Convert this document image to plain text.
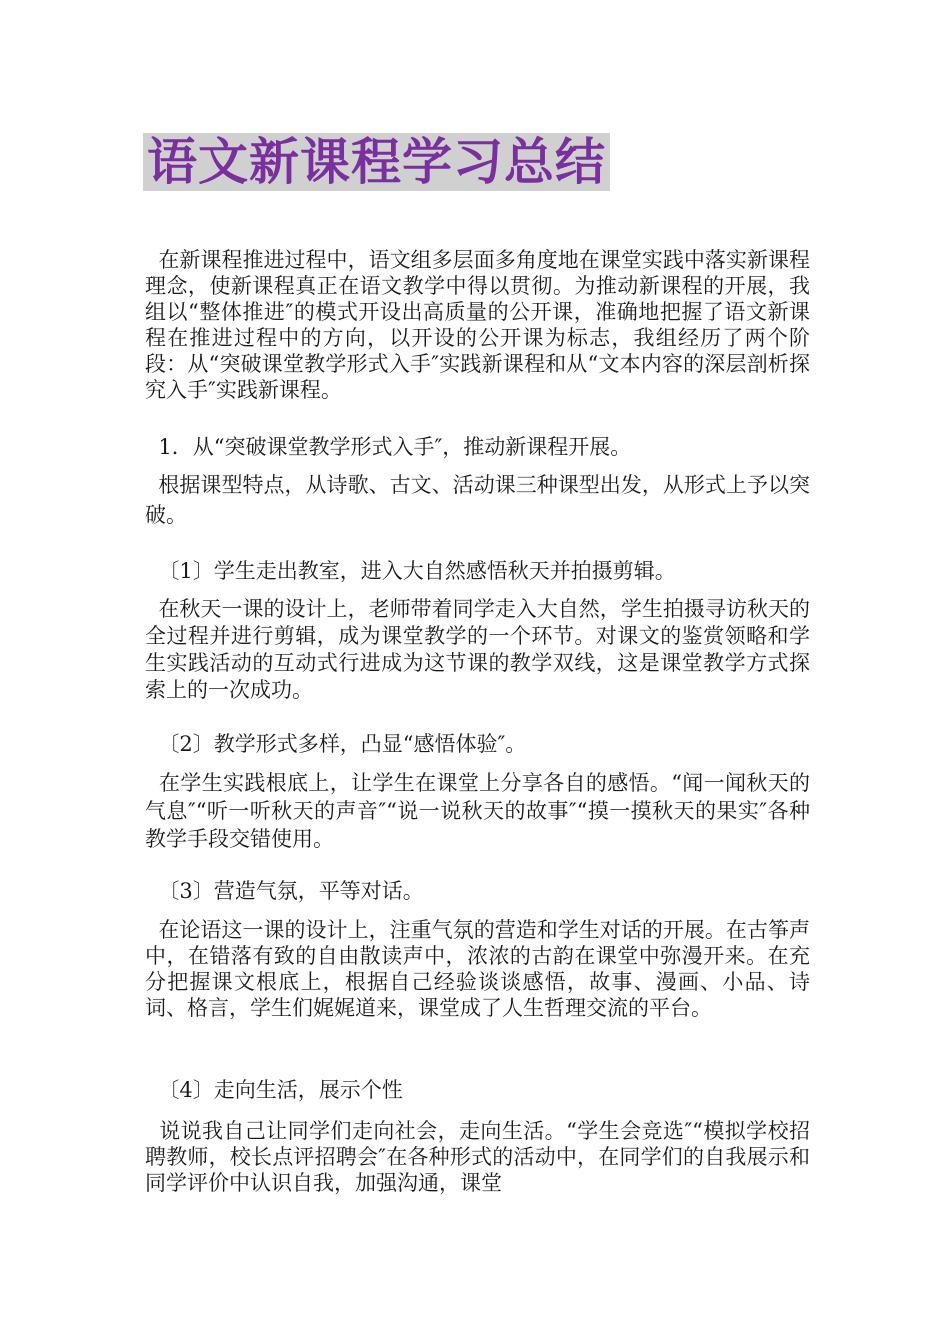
语文新课程学习总结

在新课程推进过程中，语文组多层面多角度地在课堂实践中落实新课程理念，使新课程真正在语文教学中得以贯彻。为推动新课程的开展，我组以“整体推进″的模式开设出高质量的公开课，准确地把握了语文新课程在推进过程中的方向，以开设的公开课为标志，我组经历了两个阶段：从“突破课堂教学形式入手″实践新课程和从“文本内容的深层剖析探究入手″实践新课程。

1．从“突破课堂教学形式入手″，推动新课程开展。

根据课型特点，从诗歌、古文、活动课三种课型出发，从形式上予以突破。

〔1〕学生走出教室，进入大自然感悟秋天并拍摄剪辑。

在秋天一课的设计上，老师带着同学走入大自然，学生拍摄寻访秋天的全过程并进行剪辑，成为课堂教学的一个环节。对课文的鉴赏领略和学生实践活动的互动式行进成为这节课的教学双线，这是课堂教学方式探索上的一次成功。

〔2〕教学形式多样，凸显“感悟体验″。

在学生实践根底上，让学生在课堂上分享各自的感悟。“闻一闻秋天的气息″“听一听秋天的声音″“说一说秋天的故事″“摸一摸秋天的果实″各种教学手段交错使用。

〔3〕营造气氛，平等对话。

在论语这一课的设计上，注重气氛的营造和学生对话的开展。在古筝声中，在错落有致的自由散读声中，浓浓的古韵在课堂中弥漫开来。在充分把握课文根底上，根据自己经验谈谈感悟，故事、漫画、小品、诗词、格言，学生们娓娓道来，课堂成了人生哲理交流的平台。

〔4〕走向生活，展示个性

说说我自己让同学们走向社会，走向生活。“学生会竞选″“模拟学校招聘教师，校长点评招聘会″在各种形式的活动中，在同学们的自我展示和同学评价中认识自我，加强沟通，课堂
